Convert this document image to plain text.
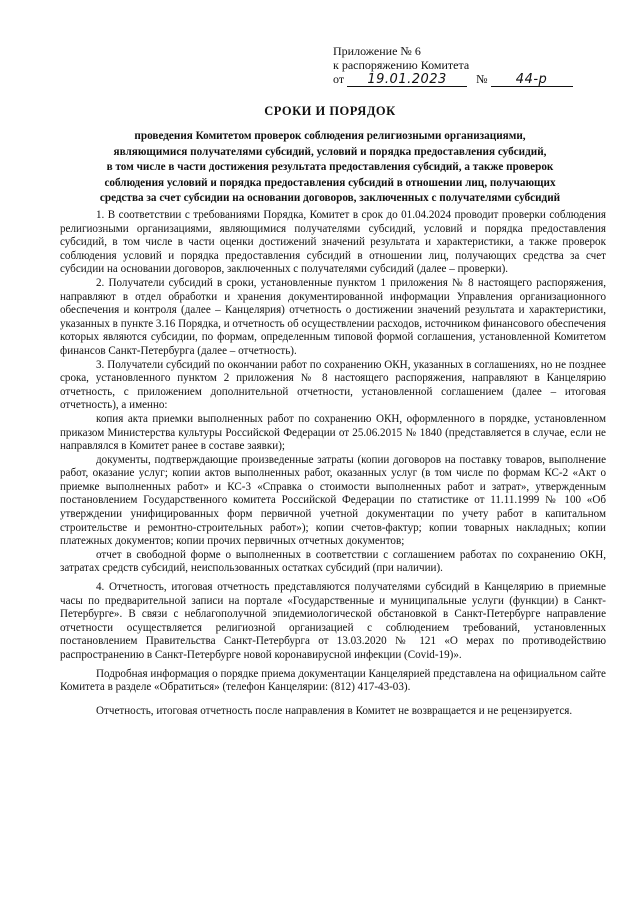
Приложение № 6
к распоряжению Комитета
от 19.01.2023 № 44-р
СРОКИ И ПОРЯДОК
проведения Комитетом проверок соблюдения религиозными организациями,
являющимися получателями субсидий, условий и порядка предоставления субсидий,
в том числе в части достижения результата предоставления субсидий, а также проверок
соблюдения условий и порядка предоставления субсидий в отношении лиц, получающих
средства за счет субсидии на основании договоров, заключенных с получателями субсидий

1. В соответствии с требованиями Порядка, Комитет в срок до 01.04.2024 проводит проверки соблюдения религиозными организациями, являющимися получателями субсидий, условий и порядка предоставления субсидий, в том числе в части оценки достижений значений результата и характеристики, а также проверок соблюдения условий и порядка предоставления субсидий в отношении лиц, получающих средства за счет субсидии на основании договоров, заключенных с получателями субсидий (далее – проверки).

2. Получатели субсидий в сроки, установленные пунктом 1 приложения № 8 настоящего распоряжения, направляют в отдел обработки и хранения документированной информации Управления организационного обеспечения и контроля (далее – Канцелярия) отчетность о достижении значений результата и характеристики, указанных в пункте 3.16 Порядка, и отчетность об осуществлении расходов, источником финансового обеспечения которых являются субсидии, по формам, определенным типовой формой соглашения, установленной Комитетом финансов Санкт-Петербурга (далее – отчетность).

3. Получатели субсидий по окончании работ по сохранению ОКН, указанных в соглашениях, но не позднее срока, установленного пунктом 2 приложения № 8 настоящего распоряжения, направляют в Канцелярию отчетность, с приложением дополнительной отчетности, установленной соглашением (далее – итоговая отчетность), а именно:

копия акта приемки выполненных работ по сохранению ОКН, оформленного в порядке, установленном приказом Министерства культуры Российской Федерации от 25.06.2015 № 1840 (представляется в случае, если не направлялся в Комитет ранее в составе заявки);

документы, подтверждающие произведенные затраты (копии договоров на поставку товаров, выполнение работ, оказание услуг; копии актов выполненных работ, оказанных услуг (в том числе по формам КС-2 «Акт о приемке выполненных работ» и КС-3 «Справка о стоимости выполненных работ и затрат», утвержденным постановлением Государственного комитета Российской Федерации по статистике от 11.11.1999 № 100 «Об утверждении унифицированных форм первичной учетной документации по учету работ в капитальном строительстве и ремонтно-строительных работ»); копии счетов-фактур; копии товарных накладных; копии платежных документов; копии прочих первичных отчетных документов;

отчет в свободной форме о выполненных в соответствии с соглашением работах по сохранению ОКН, затратах средств субсидий, неиспользованных остатках субсидий (при наличии).

4. Отчетность, итоговая отчетность представляются получателями субсидий в Канцелярию в приемные часы по предварительной записи на портале «Государственные и муниципальные услуги (функции) в Санкт-Петербурге». В связи с неблагополучной эпидемиологической обстановкой в Санкт-Петербурге направление отчетности осуществляется религиозной организацией с соблюдением требований, установленных постановлением Правительства Санкт-Петербурга от 13.03.2020 № 121 «О мерах по противодействию распространению в Санкт-Петербурге новой коронавирусной инфекции (Covid-19)».

Подробная информация о порядке приема документации Канцелярией представлена на официальном сайте Комитета в разделе «Обратиться» (телефон Канцелярии: (812) 417-43-03).

Отчетность, итоговая отчетность после направления в Комитет не возвращается и не рецензируется.
